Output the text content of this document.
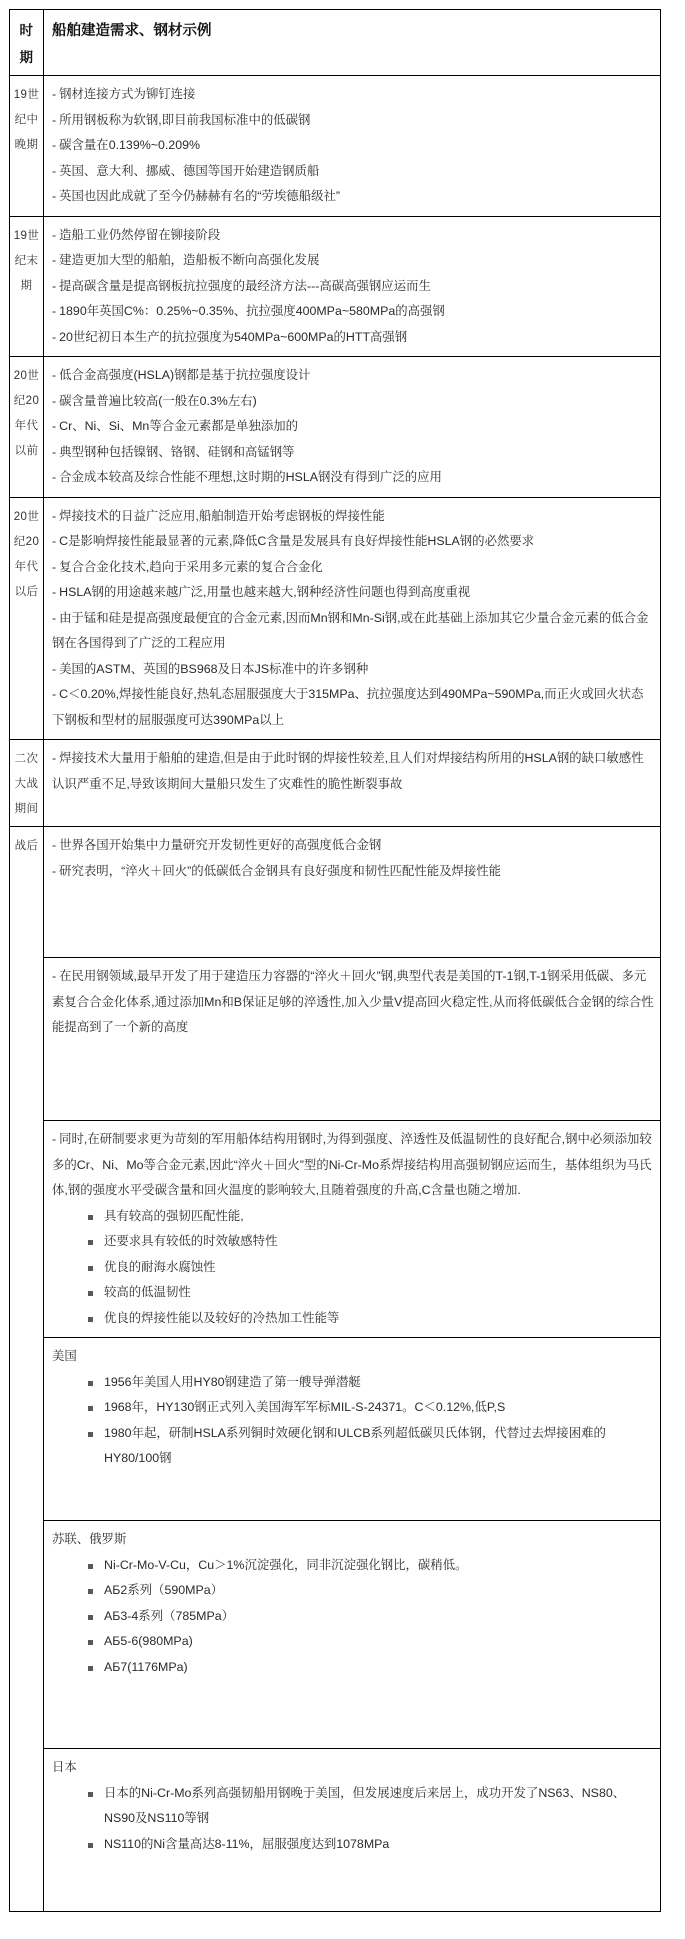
时 期	船舶建造需求、钢材示例
19世纪中晚期	- 钢材连接方式为铆钉连接
- 所用钢板称为软钢,即目前我国标准中的低碳钢
- 碳含量在0.139%~0.209%
- 英国、意大利、挪威、德国等国开始建造钢质船
- 英国也因此成就了至今仍赫赫有名的“劳埃德船级社”

19世纪末期	- 造船工业仍然停留在铆接阶段
- 建造更加大型的船舶，造船板不断向高强化发展
- 提高碳含量是提高钢板抗拉强度的最经济方法---高碳高强钢应运而生
- 1890年英国C%：0.25%~0.35%、抗拉强度400MPa~580MPa的高强钢
- 20世纪初日本生产的抗拉强度为540MPa~600MPa的HTT高强钢

20世纪20年代以前	- 低合金高强度(HSLA)钢都是基于抗拉强度设计
- 碳含量普遍比较高(一般在0.3%左右)
- Cr、Ni、Si、Mn等合金元素都是单独添加的
- 典型钢种包括镍钢、铬钢、硅钢和高锰钢等
- 合金成本较高及综合性能不理想,这时期的HSLA钢没有得到广泛的应用

20世纪20年代以后	
- 焊接技术的日益广泛应用,船舶制造开始考虑钢板的焊接性能
- C是影响焊接性能最显著的元素,降低C含量是发展具有良好焊接性能HSLA钢的必然要求
- 复合合金化技术,趋向于采用多元素的复合合金化
- HSLA钢的用途越来越广泛,用量也越来越大,钢种经济性问题也得到高度重视
- 由于锰和硅是提高强度最便宜的合金元素,因而Mn钢和Mn-Si钢,或在此基础上添加其它少量合金元素的低合金钢在各国得到了广泛的工程应用
- 美国的ASTM、英国的BS968及日本JS标准中的许多钢种
- C＜0.20%,焊接性能良好,热轧态屈服强度大于315MPa、抗拉强度达到490MPa~590MPa,而正火或回火状态下钢板和型材的屈服强度可达390MPa以上

二次大战期间	- 焊接技术大量用于船舶的建造,但是由于此时钢的焊接性较差,且人们对焊接结构所用的HSLA钢的缺口敏感性认识严重不足,导致该期间大量船只发生了灾难性的脆性断裂事故

战后	- 世界各国开始集中力量研究开发韧性更好的高强度低合金钢
- 研究表明，“淬火＋回火”的低碳低合金钢具有良好强度和韧性匹配性能及焊接性能

	- 在民用钢领域,最早开发了用于建造压力容器的“淬火＋回火”钢,典型代表是美国的T-1钢,T-1钢采用低碳、多元素复合合金化体系,通过添加Mn和B保证足够的淬透性,加入少量V提高回火稳定性,从而将低碳低合金钢的综合性能提高到了一个新的高度

- 同时,在研制要求更为苛刻的军用船体结构用钢时,为得到强度、淬透性及低温韧性的良好配合,钢中必须添加较多的Cr、Ni、Mo等合金元素,因此“淬火＋回火”型的Ni-Cr-Mo系焊接结构用高强韧钢应运而生，基体组织为马氏体,钢的强度水平受碳含量和回火温度的影响较大,且随着强度的升高,C含量也随之增加.
具有较高的强韧匹配性能,
还要求具有较低的时效敏感特性
优良的耐海水腐蚀性
较高的低温韧性
优良的焊接性能以及较好的冷热加工性能等

美国
1956年美国人用HY80钢建造了第一艘导弹潜艇
1968年，HY130钢正式列入美国海军军标MIL-S-24371。C＜0.12%,低P,S
1980年起，研制HSLA系列铜时效硬化钢和ULCB系列超低碳贝氏体钢，代替过去焊接困难的HY80/100钢

苏联、俄罗斯
Ni-Cr-Mo-V-Cu，Cu＞1%沉淀强化，同非沉淀强化钢比，碳稍低。
АБ2系列（590MPa）
АБ3-4系列（785MPa）
АБ5-6(980MPa)
АБ7(1176MPa)

日本
日本的Ni-Cr-Mo系列高强韧船用钢晚于美国，但发展速度后来居上，成功开发了NS63、NS80、NS90及NS110等钢
NS110的Ni含量高达8-11%，屈服强度达到1078MPa
